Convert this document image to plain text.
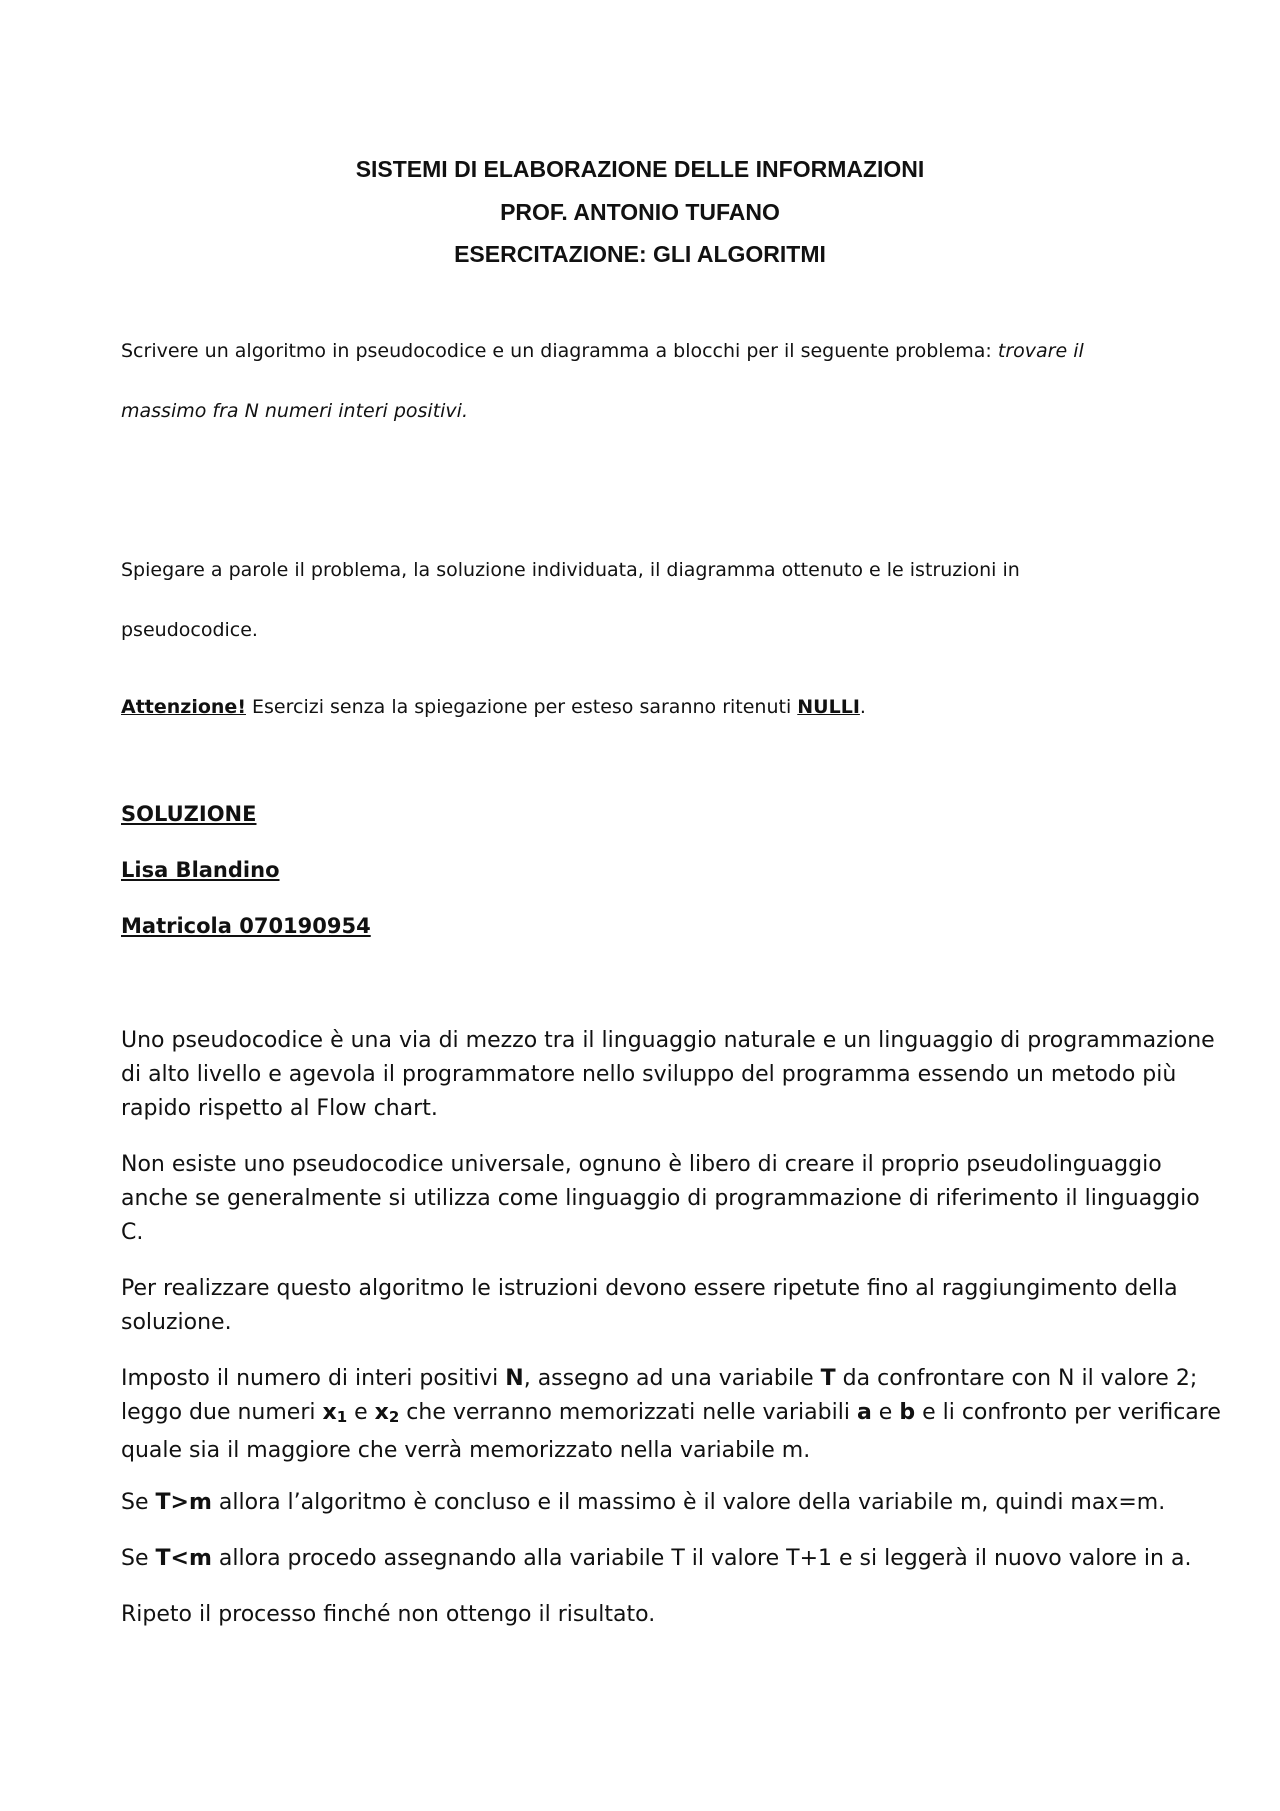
SISTEMI DI ELABORAZIONE DELLE INFORMAZIONI
PROF. ANTONIO TUFANO
ESERCITAZIONE: GLI ALGORITMI
Scrivere un algoritmo in pseudocodice e un diagramma a blocchi per il seguente problema: trovare il
massimo fra N numeri interi positivi.
Spiegare a parole il problema, la soluzione individuata, il diagramma ottenuto e le istruzioni in
pseudocodice.
Attenzione! Esercizi senza la spiegazione per esteso saranno ritenuti NULLI.
SOLUZIONE
Lisa Blandino
Matricola 070190954
Uno pseudocodice è una via di mezzo tra il linguaggio naturale e un linguaggio di programmazione
di alto livello e agevola il programmatore nello sviluppo del programma essendo un metodo più
rapido rispetto al Flow chart.
Non esiste uno pseudocodice universale, ognuno è libero di creare il proprio pseudolinguaggio
anche se generalmente si utilizza come linguaggio di programmazione di riferimento il linguaggio
C.
Per realizzare questo algoritmo le istruzioni devono essere ripetute fino al raggiungimento della
soluzione.
Imposto il numero di interi positivi N, assegno ad una variabile T da confrontare con N il valore 2;
leggo due numeri $x_1$ e $x_2$ che verranno memorizzati nelle variabili a e b e li confronto per verificare
quale sia il maggiore che verrà memorizzato nella variabile m.
Se T>m allora l’algoritmo è concluso e il massimo è il valore della variabile m, quindi max=m.
Se T<m allora procedo assegnando alla variabile T il valore T+1 e si leggerà il nuovo valore in a.
Ripeto il processo finché non ottengo il risultato.
